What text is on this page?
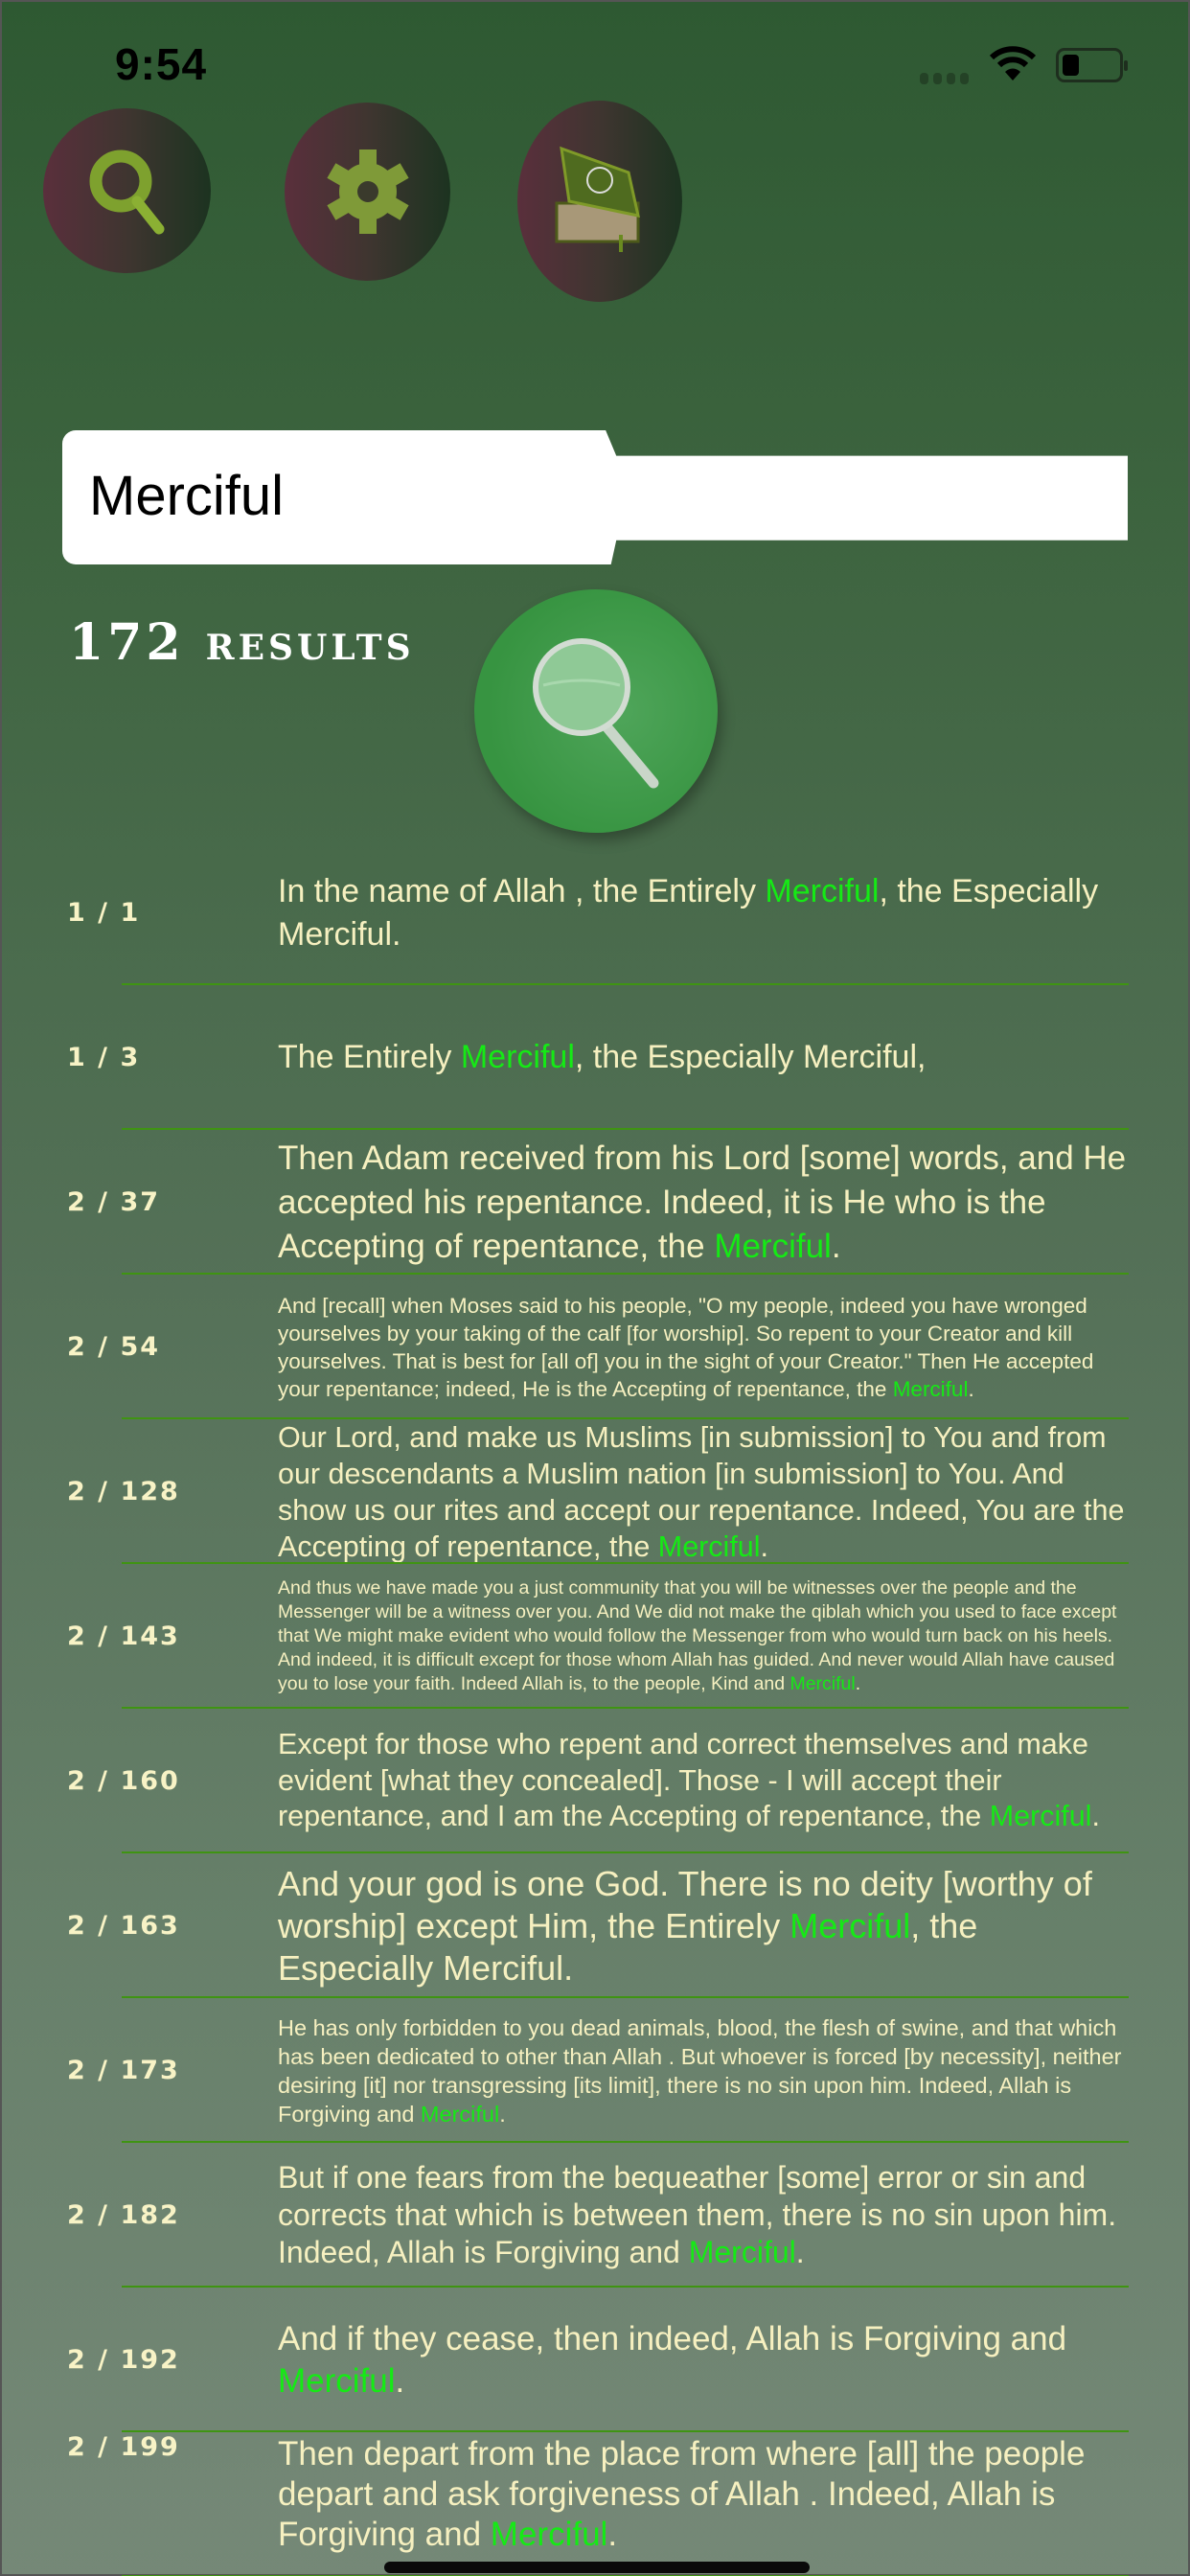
9:54
Merciful
172 results
1 / 1
In the name of Allah , the Entirely Merciful, the Especially Merciful.
1 / 3	The Entirely Merciful, the Especially Merciful,
2 / 37
Then Adam received from his Lord [some] words, and He accepted his repentance. Indeed, it is He who is the Accepting of repentance, the Merciful.
2 / 54
And [recall] when Moses said to his people, "O my people, indeed you have wronged yourselves by your taking of the calf [for worship]. So repent to your Creator and kill yourselves. That is best for [all of] you in the sight of your Creator." Then He accepted your repentance; indeed, He is the Accepting of repentance, the Merciful.
2 / 128
Our Lord, and make us Muslims [in submission] to You and from our descendants a Muslim nation [in submission] to You. And show us our rites and accept our repentance. Indeed, You are the Accepting of repentance, the Merciful.
2 / 143
And thus we have made you a just community that you will be witnesses over the people and the Messenger will be a witness over you. And We did not make the qiblah which you used to face except that We might make evident who would follow the Messenger from who would turn back on his heels. And indeed, it is difficult except for those whom Allah has guided. And never would Allah have caused you to lose your faith. Indeed Allah is, to the people, Kind and Merciful.
2 / 160
Except for those who repent and correct themselves and make evident [what they concealed]. Those - I will accept their repentance, and I am the Accepting of repentance, the Merciful.
2 / 163
And your god is one God. There is no deity [worthy of worship] except Him, the Entirely Merciful, the Especially Merciful.
2 / 173
He has only forbidden to you dead animals, blood, the flesh of swine, and that which has been dedicated to other than Allah . But whoever is forced [by necessity], neither desiring [it] nor transgressing [its limit], there is no sin upon him. Indeed, Allah is Forgiving and Merciful.
2 / 182
But if one fears from the bequeather [some] error or sin and corrects that which is between them, there is no sin upon him. Indeed, Allah is Forgiving and Merciful.
2 / 192
And if they cease, then indeed, Allah is Forgiving and Merciful.
2 / 199	Then depart from the place from where [all] the people depart and ask forgiveness of Allah . Indeed, Allah is Forgiving and Merciful.
